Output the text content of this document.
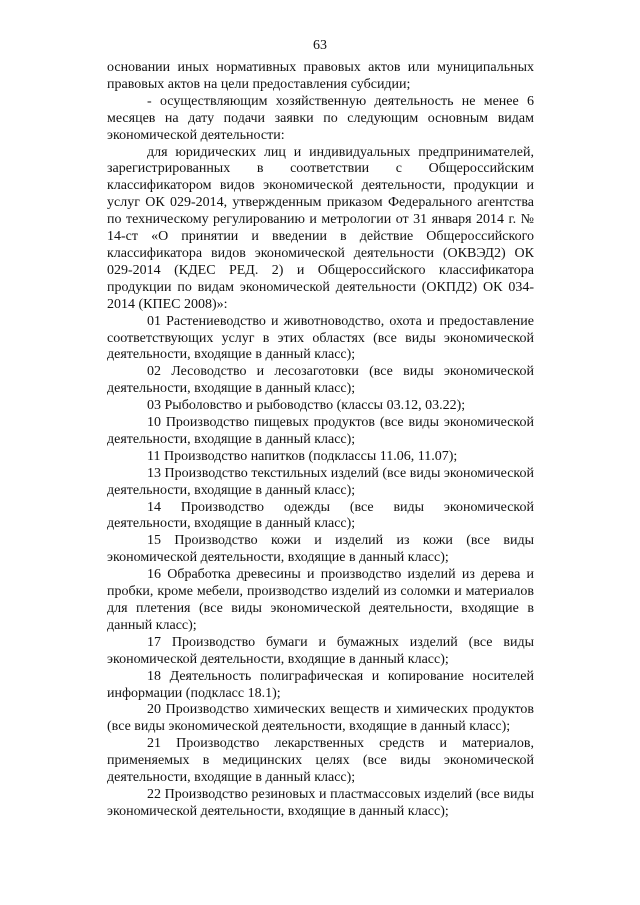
63

основании иных нормативных правовых актов или муниципальных правовых актов на цели предоставления субсидии;

- осуществляющим хозяйственную деятельность не менее 6 месяцев на дату подачи заявки по следующим основным видам экономической деятельности:

для юридических лиц и индивидуальных предпринимателей, зарегистрированных в соответствии с Общероссийским классификатором видов экономической деятельности, продукции и услуг ОК 029-2014, утвержденным приказом Федерального агентства по техническому регулированию и метрологии от 31 января 2014 г. № 14-ст «О принятии и введении в действие Общероссийского классификатора видов экономической деятельности (ОКВЭД2) ОК 029-2014 (КДЕС РЕД. 2) и Общероссийского классификатора продукции по видам экономической деятельности (ОКПД2) ОК 034-2014 (КПЕС 2008)»:

01 Растениеводство и животноводство, охота и предоставление соответствующих услуг в этих областях (все виды экономической деятельности, входящие в данный класс);

02 Лесоводство и лесозаготовки (все виды экономической деятельности, входящие в данный класс);

03 Рыболовство и рыбоводство (классы 03.12, 03.22);

10 Производство пищевых продуктов (все виды экономической деятельности, входящие в данный класс);

11 Производство напитков (подклассы 11.06, 11.07);

13 Производство текстильных изделий (все виды экономической деятельности, входящие в данный класс);

14 Производство одежды (все виды экономической деятельности, входящие в данный класс);

15 Производство кожи и изделий из кожи (все виды экономической деятельности, входящие в данный класс);

16 Обработка древесины и производство изделий из дерева и пробки, кроме мебели, производство изделий из соломки и материалов для плетения (все виды экономической деятельности, входящие в данный класс);

17 Производство бумаги и бумажных изделий (все виды экономической деятельности, входящие в данный класс);

18 Деятельность полиграфическая и копирование носителей информации (подкласс 18.1);

20 Производство химических веществ и химических продуктов (все виды экономической деятельности, входящие в данный класс);

21 Производство лекарственных средств и материалов, применяемых в медицинских целях (все виды экономической деятельности, входящие в данный класс);

22 Производство резиновых и пластмассовых изделий (все виды экономической деятельности, входящие в данный класс);
